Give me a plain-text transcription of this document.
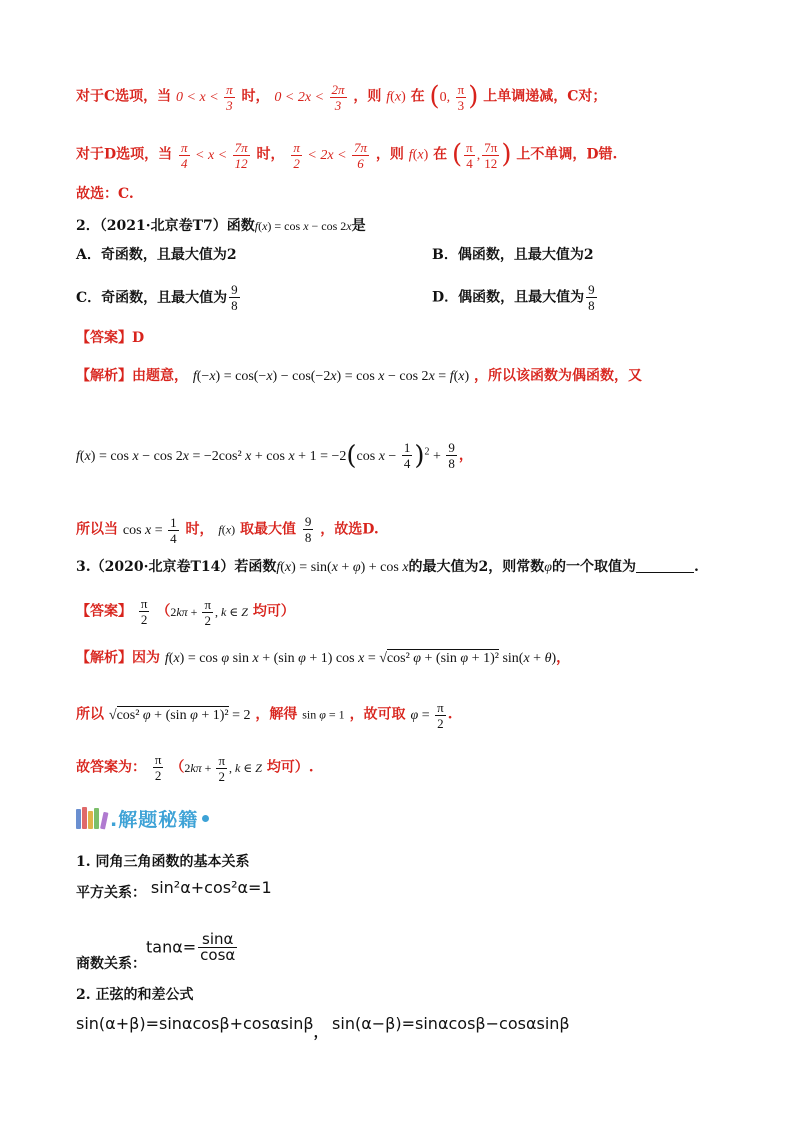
对于C选项，当 $0 < x < \frac{\pi}{3}$ 时， $0 < 2x < \frac{2\pi}{3}$ ，则 f(x) 在 (0, $\frac{\pi}{3}$ ) 上单调递减，C对；
对于D选项，当 $\frac{\pi}{4} < x < \frac{7\pi}{12}$ 时， $\frac{\pi}{2} < 2x < \frac{7\pi}{6}$ ，则 f(x) 在 ( $\frac{\pi}{4}$ , $\frac{7\pi}{12}$ ) 上不单调，D错.
故选：C.
2．（2021·北京卷T7）函数f(x) = cos x − cos 2x是
A．奇函数，且最大值为2	B．偶函数，且最大值为2
C．奇函数，且最大值为 $\frac{9}{8}$	D．偶函数，且最大值为 $\frac{9}{8}$
【答案】D
【解析】由题意， f(−x) = cos(−x) − cos(−2x) = cos x − cos 2x = f(x) ，所以该函数为偶函数，又
f(x) = cos x − cos 2x = −2cos² x + cos x + 1 = −2(cos $x - \frac{1}{4} )^2 + \frac{9}{8}$ ，
所以当 $\cos x = \frac{1}{4}$ 时， f(x) 取最大值 $\frac{9}{8}$ ，故选D.
3.（2020·北京卷T14）若函数f(x) = sin(x + φ) + cos x的最大值为2，则常数φ的一个取值为	.
【答案】 $\frac{\pi}{2} (2k\pi + \frac{\pi}{2}$ , k ∈ Z 均可）
【解析】因为 f(x) = cos φ sin x + (sin φ + 1) cos x = √cos² φ + (sin φ + 1)² sin(x + θ)，
所以 √cos² φ + (sin φ + 1)² = 2 ，解得 sin φ = 1 ，故可取 $\varphi = \frac{\pi}{2}$ .
故答案为： $\frac{\pi}{2} (2k\pi + \frac{\pi}{2}$ , k ∈ Z 均可）.
.解题秘籍
1. 同角三角函数的基本关系
平方关系： sin²α+cos²α=1
商数关系：
$\tan\alpha= \frac{\sin\alpha}{\cos\alpha}$
2. 正弦的和差公式
sin(α+β)=sinαcosβ+cosαsinβ， sin(α−β)=sinαcosβ−cosαsinβ
